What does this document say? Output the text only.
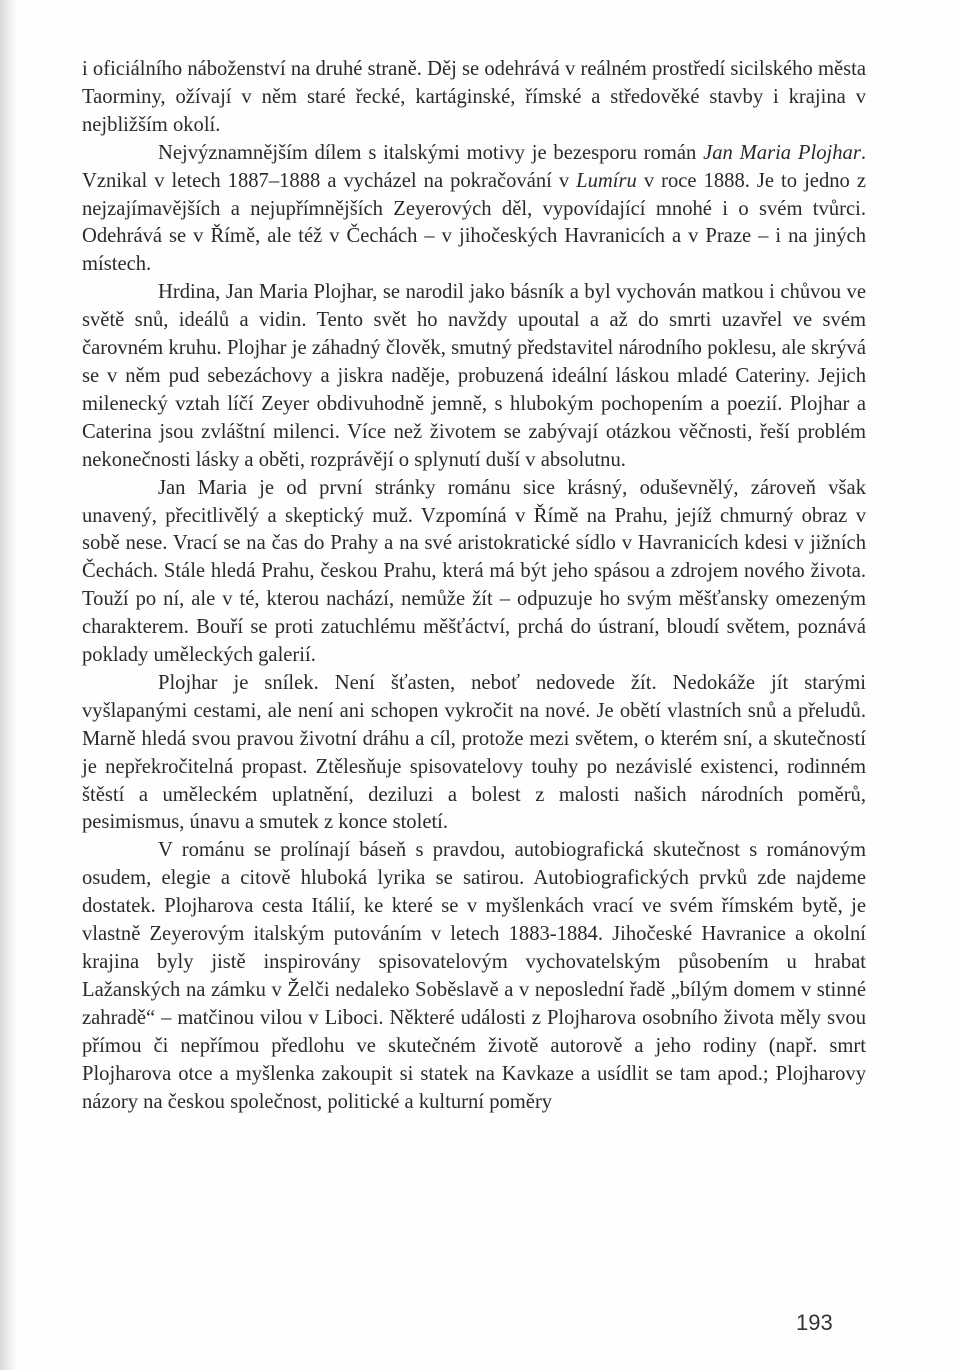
i oficiálního náboženství na druhé straně. Děj se odehrává v reálném prostředí sicilského města Taorminy, ožívají v něm staré řecké, kartáginské, římské a středověké stavby i krajina v nejbližším okolí.

Nejvýznamnějším dílem s italskými motivy je bezesporu román Jan Maria Plojhar. Vznikal v letech 1887–1888 a vycházel na pokračování v Lumíru v roce 1888. Je to jedno z nejzajímavějších a nejupřímnějších Zeyerových děl, vypovídající mnohé i o svém tvůrci. Odehrává se v Římě, ale též v Čechách – v jihočeských Havranicích a v Praze – i na jiných místech.

Hrdina, Jan Maria Plojhar, se narodil jako básník a byl vychován matkou i chůvou ve světě snů, ideálů a vidin. Tento svět ho navždy upoutal a až do smrti uzavřel ve svém čarovném kruhu. Plojhar je záhadný člověk, smutný představitel národního poklesu, ale skrývá se v něm pud sebezáchovy a jiskra naděje, probuzená ideální láskou mladé Cateriny. Jejich milenecký vztah líčí Zeyer obdivuhodně jemně, s hlubokým pochopením a poezií. Plojhar a Caterina jsou zvláštní milenci. Více než životem se zabývají otázkou věčnosti, řeší problém nekonečnosti lásky a oběti, rozprávějí o splynutí duší v absolutnu.

Jan Maria je od první stránky románu sice krásný, oduševnělý, zároveň však unavený, přecitlivělý a skeptický muž. Vzpomíná v Římě na Prahu, jejíž chmurný obraz v sobě nese. Vrací se na čas do Prahy a na své aristokratické sídlo v Havranicích kdesi v jižních Čechách. Stále hledá Prahu, českou Prahu, která má být jeho spásou a zdrojem nového života. Touží po ní, ale v té, kterou nachází, nemůže žít – odpuzuje ho svým měšťansky omezeným charakterem. Bouří se proti zatuchlému měšťáctví, prchá do ústraní, bloudí světem, poznává poklady uměleckých galerií.

Plojhar je snílek. Není šťasten, neboť nedovede žít. Nedokáže jít starými vyšlapanými cestami, ale není ani schopen vykročit na nové. Je obětí vlastních snů a přeludů. Marně hledá svou pravou životní dráhu a cíl, protože mezi světem, o kterém sní, a skutečností je nepřekročitelná propast. Ztělesňuje spisovatelovy touhy po nezávislé existenci, rodinném štěstí a uměleckém uplatnění, deziluzi a bolest z malosti našich národních poměrů, pesimismus, únavu a smutek z konce století.

V románu se prolínají báseň s pravdou, autobiografická skutečnost s románovým osudem, elegie a citově hluboká lyrika se satirou. Autobiografických prvků zde najdeme dostatek. Plojharova cesta Itálií, ke které se v myšlenkách vrací ve svém římském bytě, je vlastně Zeyerovým italským putováním v letech 1883-1884. Jihočeské Havranice a okolní krajina byly jistě inspirovány spisovatelovým vychovatelským působením u hrabat Lažanských na zámku v Želči nedaleko Soběslavě a v neposlední řadě „bílým domem v stinné zahradě“ – matčinou vilou v Liboci. Některé události z Plojharova osobního života měly svou přímou či nepřímou předlohu ve skutečném životě autorově a jeho rodiny (např. smrt Plojharova otce a myšlenka zakoupit si statek na Kavkaze a usídlit se tam apod.; Plojharovy názory na českou společnost, politické a kulturní poměry

193
